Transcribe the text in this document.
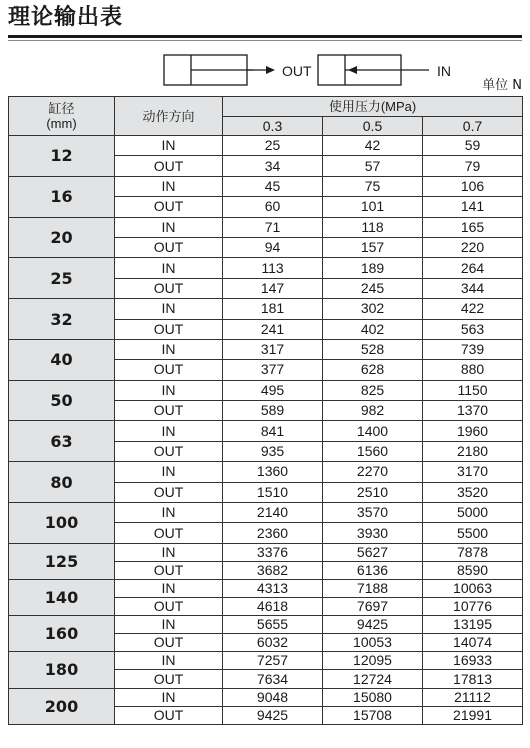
理论输出表
OUT	IN
单位 N
缸径
(mm)	动作方向	使用压力(MPa)		
		0.3	0.5	0.7
12	IN	25	42	59
	OUT	34	57	79
16	IN	45	75	106
	OUT	60	101	141
20	IN	71	118	165
	OUT	94	157	220
25	IN	113	189	264
	OUT	147	245	344
32	IN	181	302	422
	OUT	241	402	563
40	IN	317	528	739
	OUT	377	628	880
50	IN	495	825	1150
	OUT	589	982	1370
63	IN	841	1400	1960
	OUT	935	1560	2180
80	IN	1360	2270	3170
	OUT	1510	2510	3520
100	IN	2140	3570	5000
	OUT	2360	3930	5500
125	IN	3376	5627	7878
	OUT	3682	6136	8590
140	IN	4313	7188	10063
	OUT	4618	7697	10776
160	IN	5655	9425	13195
	OUT	6032	10053	14074
180	IN	7257	12095	16933
	OUT	7634	12724	17813
200	IN	9048	15080	21112
	OUT	9425	15708	21991
